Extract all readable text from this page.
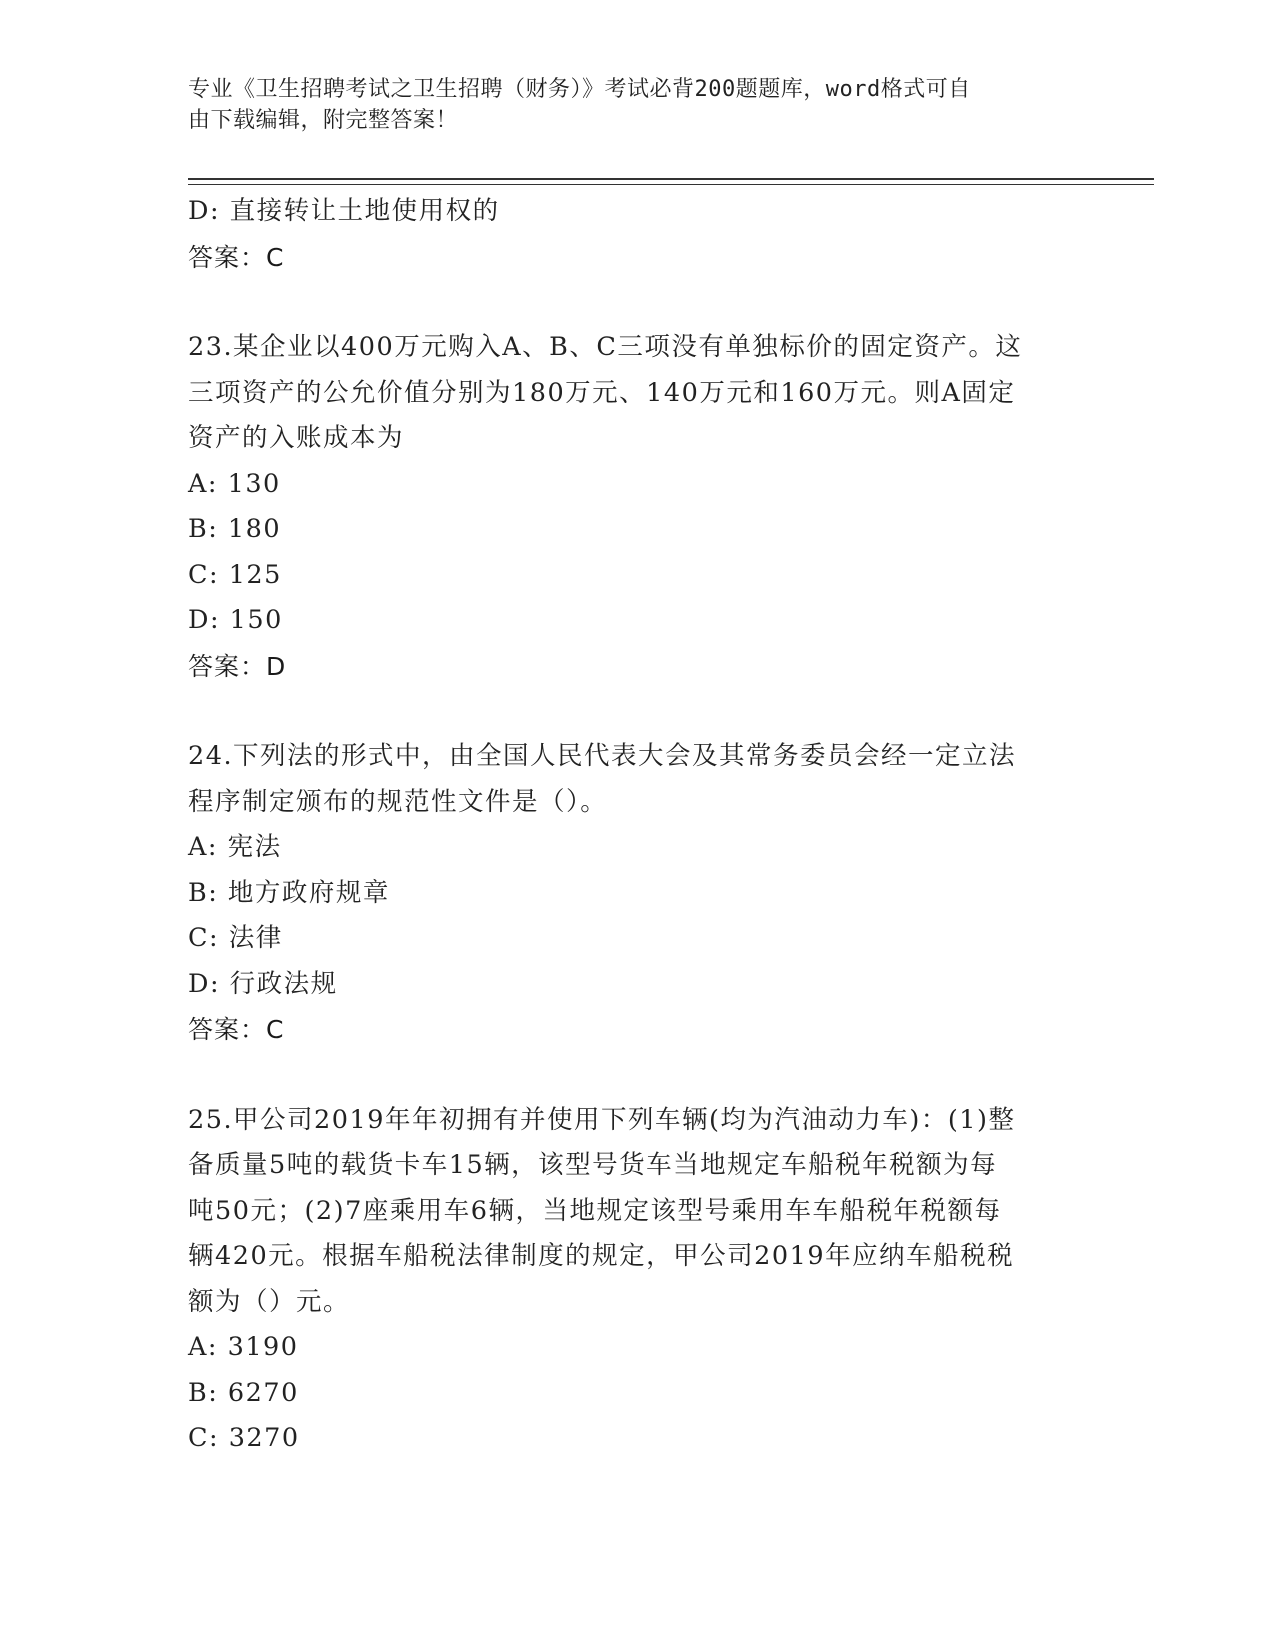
专业《卫生招聘考试之卫生招聘（财务）》考试必背200题题库，word格式可自
由下载编辑，附完整答案！
D: 直接转让土地使用权的
答案：C
23.某企业以400万元购入A、B、C三项没有单独标价的固定资产。这
三项资产的公允价值分别为180万元、140万元和160万元。则A固定
资产的入账成本为
A: 130
B: 180
C: 125
D: 150
答案：D
24.下列法的形式中，由全国人民代表大会及其常务委员会经一定立法
程序制定颁布的规范性文件是（）。
A: 宪法
B: 地方政府规章
C: 法律
D: 行政法规
答案：C
25.甲公司2019年年初拥有并使用下列车辆(均为汽油动力车)：(1)整
备质量5吨的载货卡车15辆，该型号货车当地规定车船税年税额为每
吨50元；(2)7座乘用车6辆，当地规定该型号乘用车车船税年税额每
辆420元。根据车船税法律制度的规定，甲公司2019年应纳车船税税
额为（）元。
A: 3190
B: 6270
C: 3270
